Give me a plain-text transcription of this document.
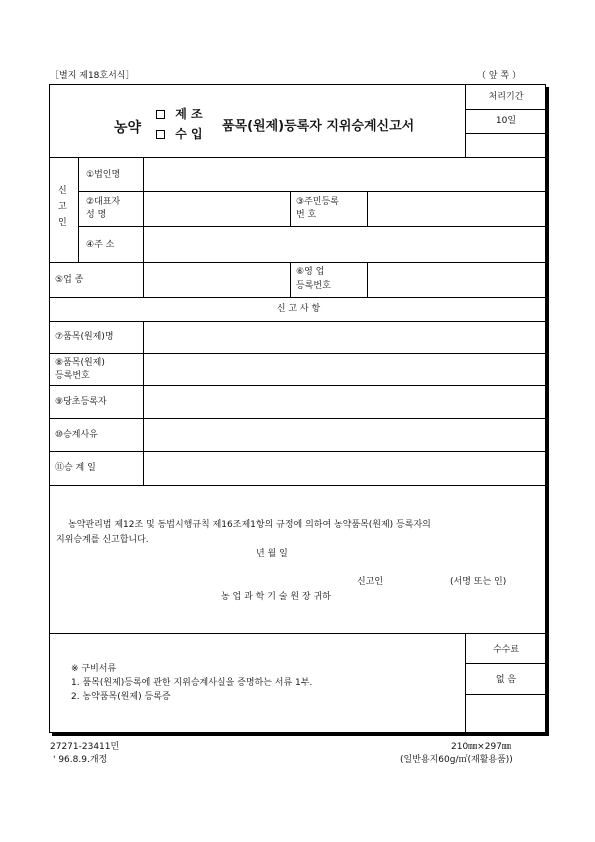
［별지 제18호서식］	（ 앞 쪽 ）
농약
제 조
수 입 품목(원제)등록자 지위승계신고서
처리기간
10일
신
고
인
①법인명
②대표자
성 명
③주민등록
번 호
④주 소
⑤업 종
⑥영 업
등록번호
신 고 사 항
⑦품목(원제)명
⑧품목(원제)
등록번호
⑨당초등록자
⑩승계사유
⑪승 계 일
농약관리법 제12조 및 동법시행규칙 제16조제1항의 규정에 의하여 농약품목(원제) 등록자의
지위승계를 신고합니다.
년 월 일
신고인	(서명 또는 인)
농 업 과 학 기 술 원 장 귀하
수수료
없 음
※ 구비서류
1. 품목(원제)등록에 관한 지위승계사실을 증명하는 서류 1부.
2. 농약품목(원제) 등록증
27271-23411민
' 96.8.9.개정
210㎜×297㎜
(일반용지60g/㎡(재활용품))
